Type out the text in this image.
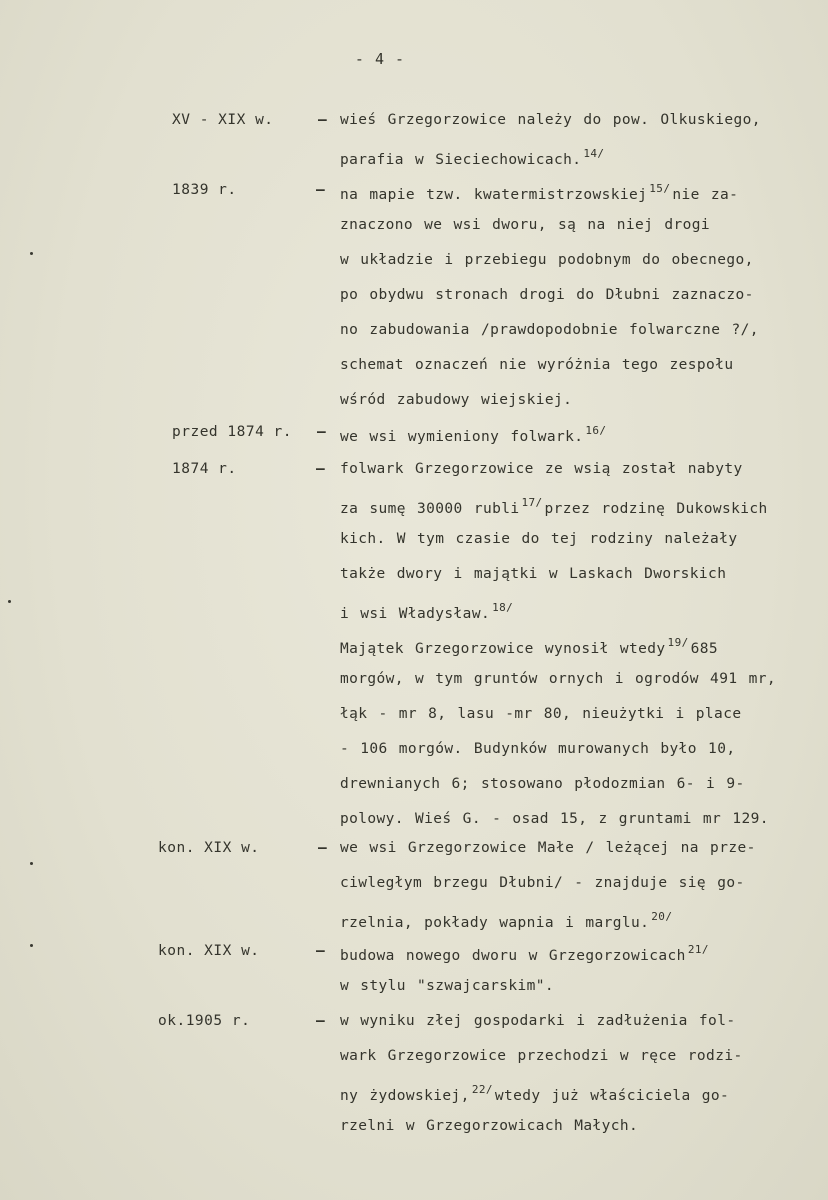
- 4 -
XV - XIX w.	– wieś Grzegorzowice należy do pow. Olkuskiego,
parafia w Sieciechowicach. $^{14/}$
1839 r.	– na mapie tzw. kwatermistrzowskiej $^{15/}$ nie za-
znaczono we wsi dworu, są na niej drogi
w układzie i przebiegu podobnym do obecnego,
po obydwu stronach drogi do Dłubni zaznaczo-
no zabudowania /prawdopodobnie folwarczne ?/,
schemat oznaczeń nie wyróżnia tego zespołu
wśród zabudowy wiejskiej.
przed 1874 r. – we wsi wymieniony folwark. $^{16/}$
1874 r.	– folwark Grzegorzowice ze wsią został nabyty
za sumę 30000 rubli $^{17/}$ przez rodzinę Dukowskich
kich. W tym czasie do tej rodziny należały
także dwory i majątki w Laskach Dworskich
i wsi Władysław. $^{18/}$
Majątek Grzegorzowice wynosił wtedy $^{19/}$ 685
morgów, w tym gruntów ornych i ogrodów 491 mr,
łąk - mr 8, lasu -mr 80, nieużytki i place
- 106 morgów. Budynków murowanych było 10,
drewnianych 6; stosowano płodozmian 6- i 9-
polowy. Wieś G. - osad 15, z gruntami mr 129.
kon. XIX w.	– we wsi Grzegorzowice Małe / leżącej na prze-
ciwległym brzegu Dłubni/ - znajduje się go-
rzelnia, pokłady wapnia i marglu. $^{20/}$
kon. XIX w.	– budowa nowego dworu w Grzegorzowicach $^{21/}$
w stylu "szwajcarskim".
ok.1905 r.	– w wyniku złej gospodarki i zadłużenia fol-
wark Grzegorzowice przechodzi w ręce rodzi-
ny żydowskiej, $^{22/}$ wtedy już właściciela go-
rzelni w Grzegorzowicach Małych.
